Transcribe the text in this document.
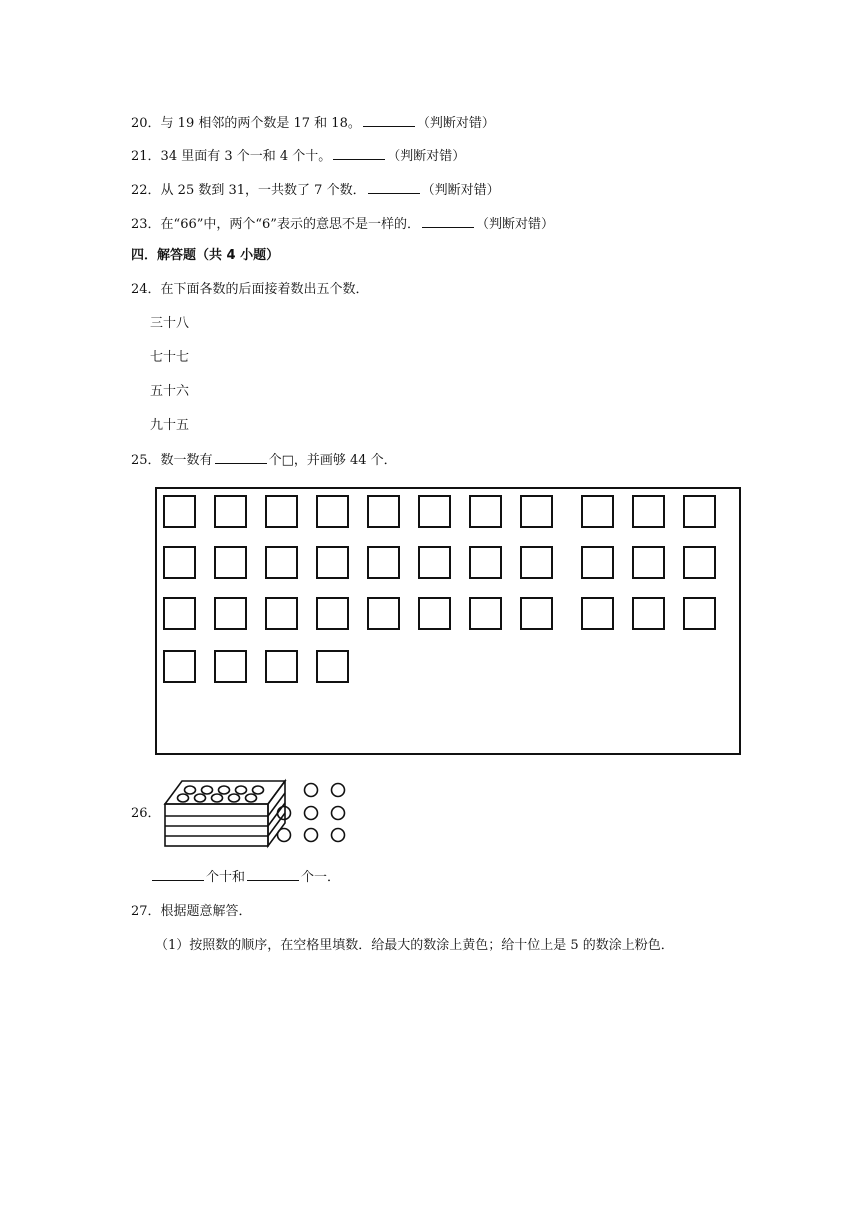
20．与 19 相邻的两个数是 17 和 18。	（判断对错）
21．34 里面有 3 个一和 4 个十。	（判断对错）
22．从 25 数到 31，一共数了 7 个数．	（判断对错）
23．在“66”中，两个“6”表示的意思不是一样的．	（判断对错）
四．解答题（共 4 小题）
24．在下面各数的后面接着数出五个数．
三十八
七十七
五十六
九十五
25．数一数有	个□，并画够 44 个．
26．
个十和	个一．
27．根据题意解答．
（1）按照数的顺序，在空格里填数．给最大的数涂上黄色；给十位上是 5 的数涂上粉色．
